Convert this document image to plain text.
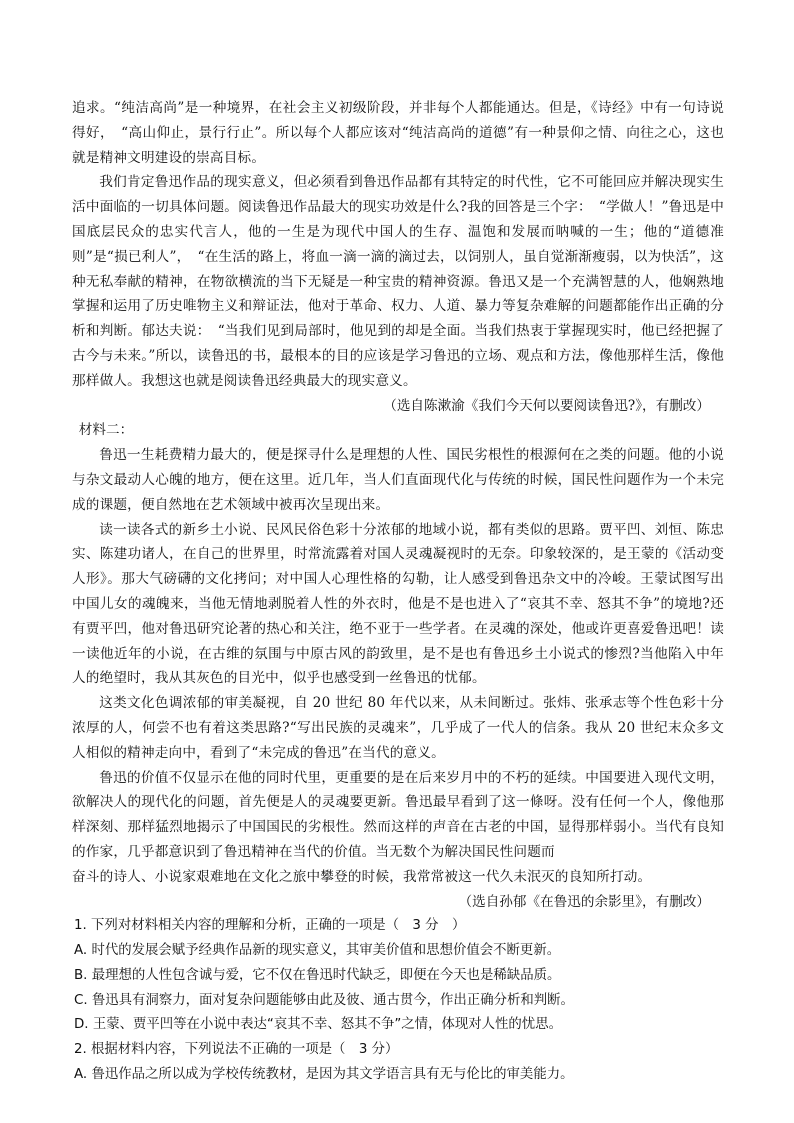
追求。“纯洁高尚”是一种境界，在社会主义初级阶段，并非每个人都能通达。但是，《诗经》中有一句诗说得好，　“高山仰止，景行行止”。所以每个人都应该对“纯洁高尚的道德”有一种景仰之情、向往之心，这也就是精神文明建设的崇高目标。

我们肯定鲁迅作品的现实意义，但必须看到鲁迅作品都有其特定的时代性，它不可能回应并解决现实生活中面临的一切具体问题。阅读鲁迅作品最大的现实功效是什么?我的回答是三个字：　“学做人！”鲁迅是中国底层民众的忠实代言人，他的一生是为现代中国人的生存、温饱和发展而呐喊的一生；他的“道德准则”是“损已利人”，　“在生活的路上，将血一滴一滴的滴过去，以饲别人，虽自觉渐渐瘦弱，以为快活”，这种无私奉献的精神，在物欲横流的当下无疑是一种宝贵的精神资源。鲁迅又是一个充满智慧的人，他娴熟地掌握和运用了历史唯物主义和辩证法，他对于革命、权力、人道、暴力等复杂难解的问题都能作出正确的分析和判断。郁达夫说：　“当我们见到局部时，他见到的却是全面。当我们热衷于掌握现实时，他已经把握了古今与未来。”所以，读鲁迅的书，最根本的目的应该是学习鲁迅的立场、观点和方法，像他那样生活，像他那样做人。我想这也就是阅读鲁迅经典最大的现实意义。

（选自陈漱渝《我们今天何以要阅读鲁迅?》，有删改）

材料二：

鲁迅一生耗费精力最大的，便是探寻什么是理想的人性、国民劣根性的根源何在之类的问题。他的小说与杂文最动人心魄的地方，便在这里。近几年，当人们直面现代化与传统的时候，国民性问题作为一个未完成的课题，便自然地在艺术领域中被再次呈现出来。

读一读各式的新乡土小说、民风民俗色彩十分浓郁的地域小说，都有类似的思路。贾平凹、刘恒、陈忠实、陈建功诸人，在自己的世界里，时常流露着对国人灵魂凝视时的无奈。印象较深的，是王蒙的《活动变人形》。那大气磅礴的文化拷问；对中国人心理性格的勾勒，让人感受到鲁迅杂文中的冷峻。王蒙试图写出中国儿女的魂魄来，当他无情地剥脱着人性的外衣时，他是不是也进入了“哀其不幸、怒其不争”的境地?还有贾平凹，他对鲁迅研究论著的热心和关注，绝不亚于一些学者。在灵魂的深处，他或许更喜爱鲁迅吧！读一读他近年的小说，在古维的氛围与中原古风的韵致里，是不是也有鲁迅乡土小说式的惨烈?当他陷入中年人的绝望时，我从其灰色的目光中，似乎也感受到一丝鲁迅的忧郁。

这类文化色调浓郁的审美凝视，自 20 世纪 80 年代以来，从未间断过。张炜、张承志等个性色彩十分浓厚的人，何尝不也有着这类思路?“写出民族的灵魂来”，几乎成了一代人的信条。我从 20 世纪末众多文人相似的精神走向中，看到了“未完成的鲁迅”在当代的意义。

鲁迅的价值不仅显示在他的同时代里，更重要的是在后来岁月中的不朽的延续。中国要进入现代文明，欲解决人的现代化的问题，首先便是人的灵魂要更新。鲁迅最早看到了这一條呀。没有任何一个人，像他那样深刻、那样猛烈地揭示了中国国民的劣根性。然而这样的声音在古老的中国，显得那样弱小。当代有良知的作家，几乎都意识到了鲁迅精神在当代的价值。当无数个为解决国民性问题而

奋斗的诗人、小说家艰难地在文化之旅中攀登的时候，我常常被这一代久未泯灭的良知所打动。

（选自孙郁《在鲁迅的余影里》，有删改）

1. 下列对材料相关内容的理解和分析，正确的一项是（　3 分　）

A. 时代的发展会赋予经典作品新的现实意义，其审美价值和思想价值会不断更新。

B. 最理想的人性包含诚与爱，它不仅在鲁迅时代缺乏，即便在今天也是稀缺品质。

C. 鲁迅具有洞察力，面对复杂问题能够由此及彼、通古贯今，作出正确分析和判断。

D. 王蒙、贾平凹等在小说中表达“哀其不幸、怒其不争”之情，体现对人性的忧思。

2. 根据材料内容，下列说法不正确的一项是（　3 分）

A. 鲁迅作品之所以成为学校传统教材，是因为其文学语言具有无与伦比的审美能力。
